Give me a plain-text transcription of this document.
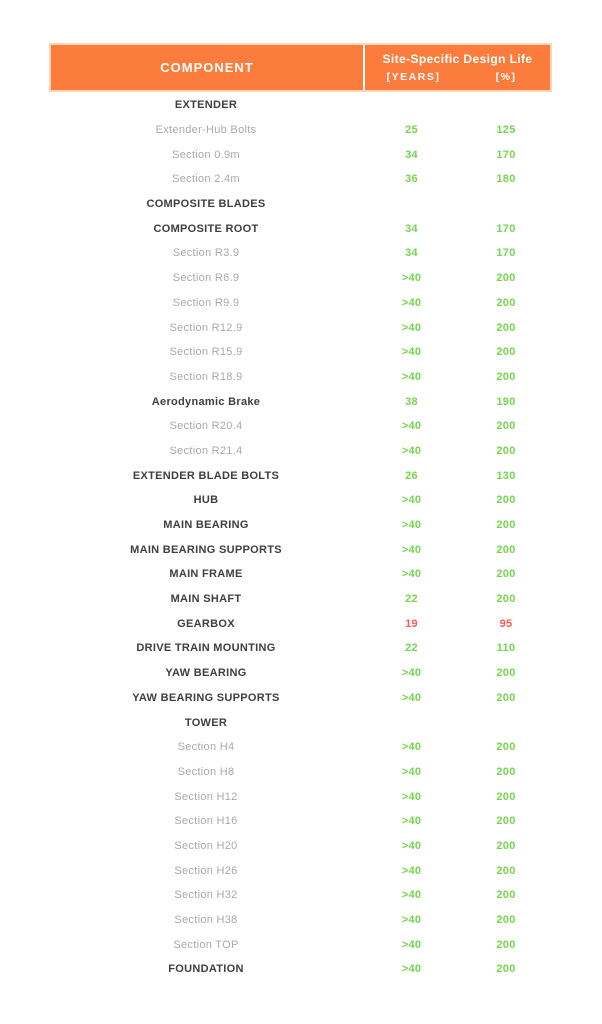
COMPONENT
Site-Specific Design Life
[YEARS]	[%]
EXTENDER
Extender-Hub Bolts	25	125
Section 0.9m	34	170
Section 2.4m	36	180
COMPOSITE BLADES
COMPOSITE ROOT	34	170
Section R3.9	34	170
Section R6.9	>40	200
Section R9.9	>40	200
Section R12.9	>40	200
Section R15.9	>40	200
Section R18.9	>40	200
Aerodynamic Brake	38	190
Section R20.4	>40	200
Section R21.4	>40	200
EXTENDER BLADE BOLTS	26	130
HUB	>40	200
MAIN BEARING	>40	200
MAIN BEARING SUPPORTS	>40	200
MAIN FRAME	>40	200
MAIN SHAFT	22	200
GEARBOX	19	95
DRIVE TRAIN MOUNTING	22	110
YAW BEARING	>40	200
YAW BEARING SUPPORTS	>40	200
TOWER
Section H4	>40	200
Section H8	>40	200
Section H12	>40	200
Section H16	>40	200
Section H20	>40	200
Section H26	>40	200
Section H32	>40	200
Section H38	>40	200
Section TOP	>40	200
FOUNDATION	>40	200
